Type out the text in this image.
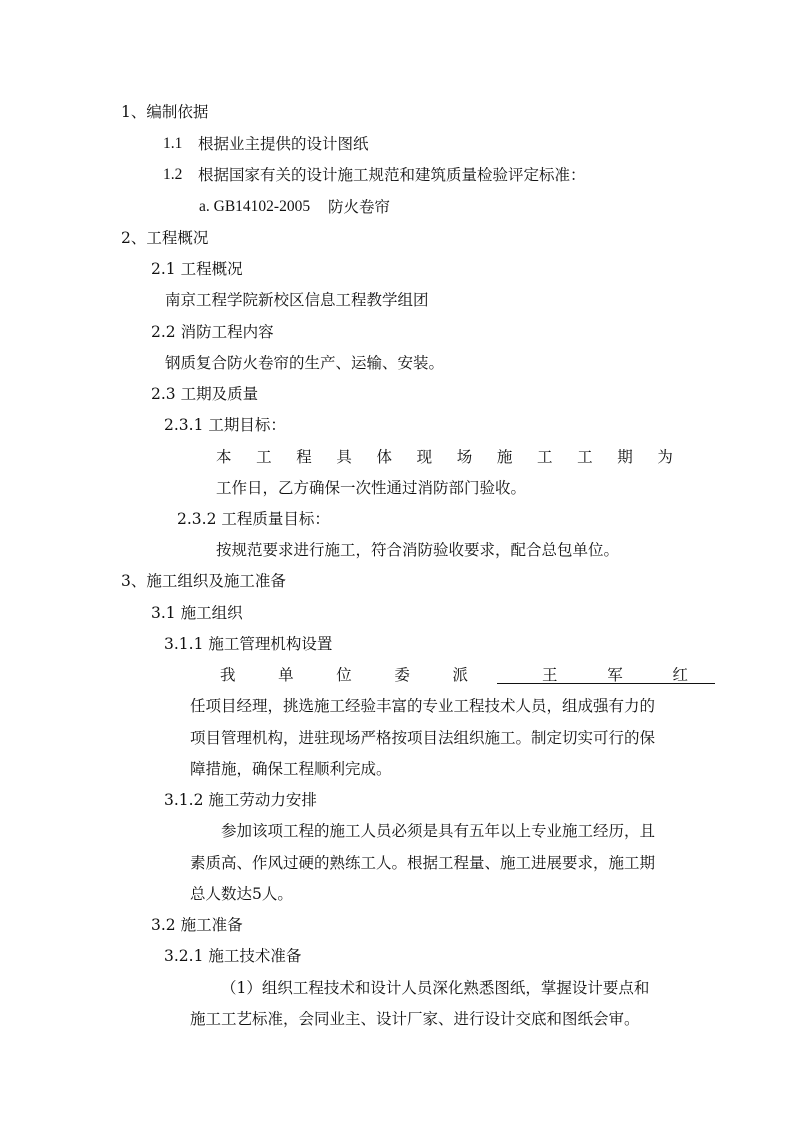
1、编制依据
1.1 根据业主提供的设计图纸
1.2 根据国家有关的设计施工规范和建筑质量检验评定标准：
a. GB14102-2005 防火卷帘
2、工程概况
2.1 工程概况
南京工程学院新校区信息工程教学组团
2.2 消防工程内容
钢质复合防火卷帘的生产、运输、安装。
2.3 工期及质量
2.3.1 工期目标：
本 工 程 具 体 现 场 施 工 工 期 为
工作日，乙方确保一次性通过消防部门验收。
2.3.2 工程质量目标：
按规范要求进行施工，符合消防验收要求，配合总包单位。
3、施工组织及施工准备
3.1 施工组织
3.1.1 施工管理机构设置
我	单	位	委	派	王	军	红
任项目经理，挑选施工经验丰富的专业工程技术人员，组成强有力的
项目管理机构，进驻现场严格按项目法组织施工。制定切实可行的保
障措施，确保工程顺利完成。
3.1.2 施工劳动力安排
参加该项工程的施工人员必须是具有五年以上专业施工经历，且
素质高、作风过硬的熟练工人。根据工程量、施工进展要求，施工期
总人数达5人。
3.2 施工准备
3.2.1 施工技术准备
（1）组织工程技术和设计人员深化熟悉图纸，掌握设计要点和
施工工艺标准，会同业主、设计厂家、进行设计交底和图纸会审。
